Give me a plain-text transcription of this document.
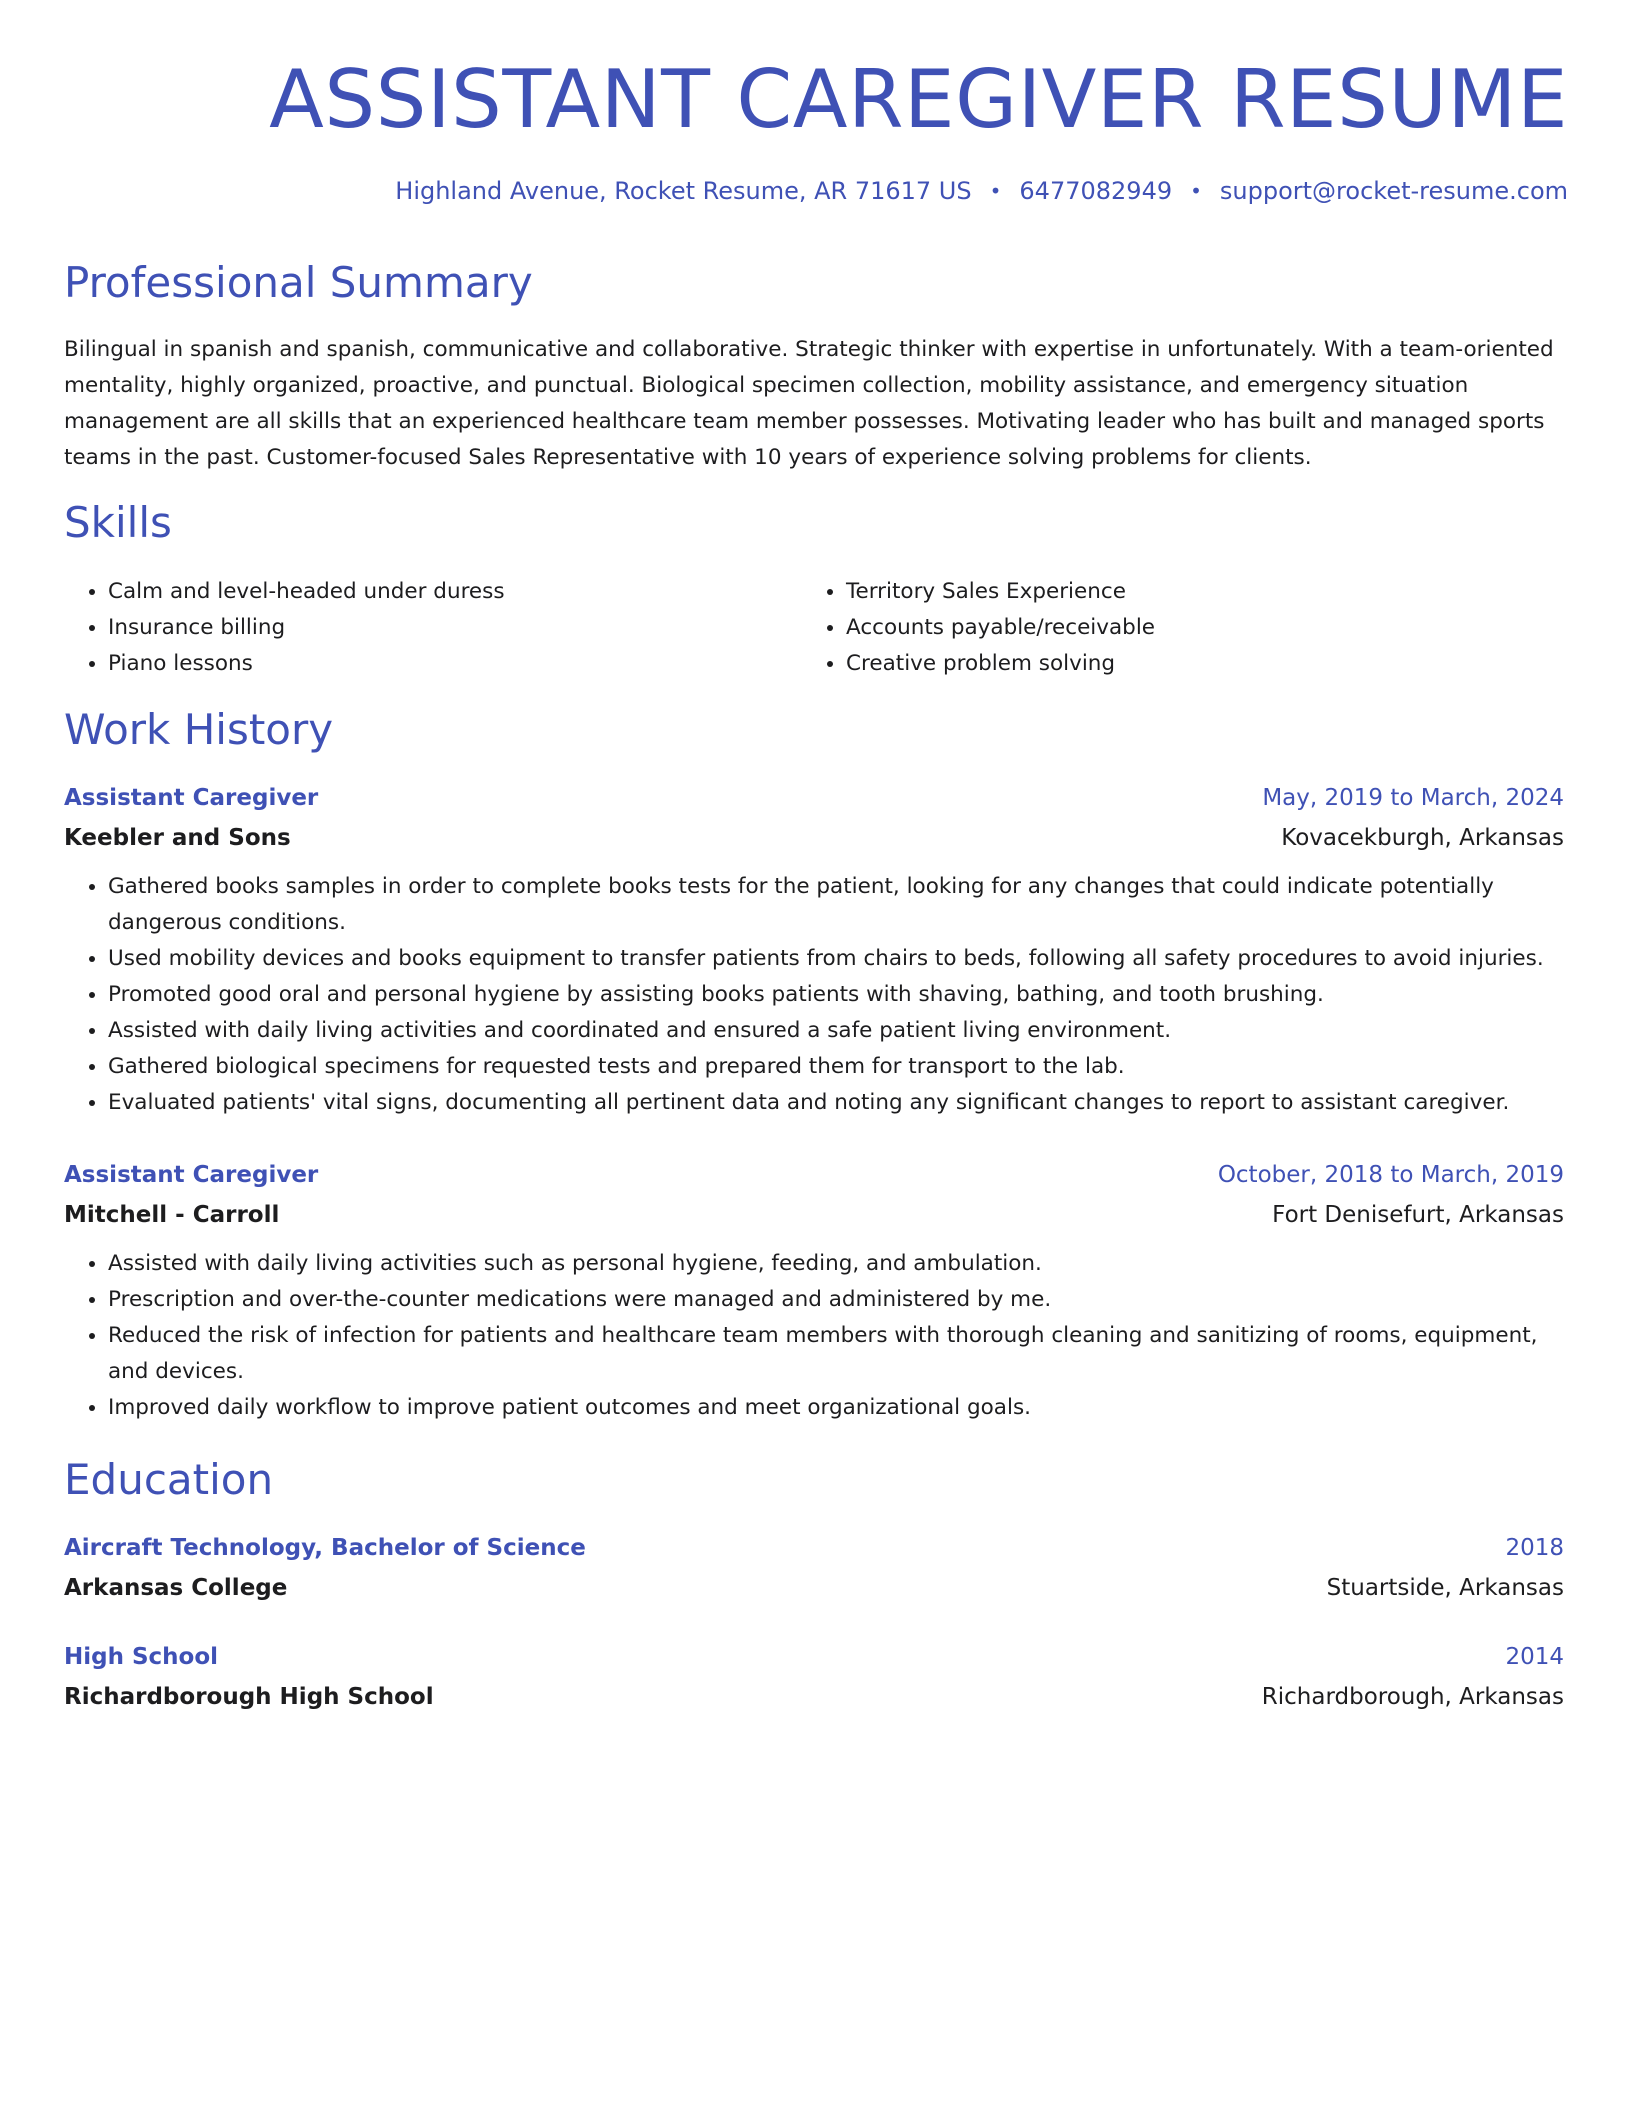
ASSISTANT CAREGIVER RESUME
Highland Avenue, Rocket Resume, AR 71617 US • 6477082949 • support@rocket-resume.com
Professional Summary

Bilingual in spanish and spanish, communicative and collaborative. Strategic thinker with expertise in unfortunately. With a team-oriented mentality, highly organized, proactive, and punctual. Biological specimen collection, mobility assistance, and emergency situation management are all skills that an experienced healthcare team member possesses. Motivating leader who has built and managed sports teams in the past. Customer-focused Sales Representative with 10 years of experience solving problems for clients.

Skills
• Calm and level-headed under duress
• Insurance billing
• Piano lessons
• Territory Sales Experience
• Accounts payable/receivable
• Creative problem solving
Work History
Assistant Caregiver	May, 2019 to March, 2024
Keebler and Sons	Kovacekburgh, Arkansas
• Gathered books samples in order to complete books tests for the patient, looking for any changes that could indicate potentially dangerous conditions.
• Used mobility devices and books equipment to transfer patients from chairs to beds, following all safety procedures to avoid injuries.
• Promoted good oral and personal hygiene by assisting books patients with shaving, bathing, and tooth brushing.
• Assisted with daily living activities and coordinated and ensured a safe patient living environment.
• Gathered biological specimens for requested tests and prepared them for transport to the lab.
• Evaluated patients' vital signs, documenting all pertinent data and noting any significant changes to report to assistant caregiver.
Assistant Caregiver	October, 2018 to March, 2019
Mitchell - Carroll	Fort Denisefurt, Arkansas
• Assisted with daily living activities such as personal hygiene, feeding, and ambulation.
• Prescription and over-the-counter medications were managed and administered by me.
• Reduced the risk of infection for patients and healthcare team members with thorough cleaning and sanitizing of rooms, equipment, and devices.
• Improved daily workflow to improve patient outcomes and meet organizational goals.
Education
Aircraft Technology, Bachelor of Science	2018
Arkansas College	Stuartside, Arkansas
High School	2014
Richardborough High School	Richardborough, Arkansas
